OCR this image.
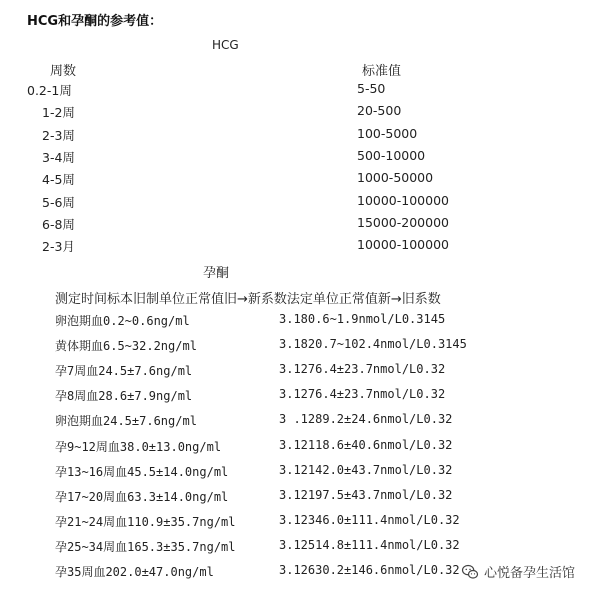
HCG和孕酮的参考值：
HCG
周数	标准值
0.2-1周	5-50
1-2周	20-500
2-3周	100-5000
3-4周	500-10000
4-5周	1000-50000
5-6周	10000-100000
6-8周	15000-200000
2-3月	10000-100000
孕酮
测定时间标本旧制单位正常值旧→新系数法定单位正常值新→旧系数
卵泡期血0.2~0.6ng/ml	3.180.6~1.9nmol/L0.3145
黄体期血6.5~32.2ng/ml	3.1820.7~102.4nmol/L0.3145
孕7周血24.5±7.6ng/ml	3.1276.4±23.7nmol/L0.32
孕8周血28.6±7.9ng/ml	3.1276.4±23.7nmol/L0.32
卵泡期血24.5±7.6ng/ml	3 .1289.2±24.6nmol/L0.32
孕9~12周血38.0±13.0ng/ml	3.12118.6±40.6nmol/L0.32
孕13~16周血45.5±14.0ng/ml	3.12142.0±43.7nmol/L0.32
孕17~20周血63.3±14.0ng/ml	3.12197.5±43.7nmol/L0.32
孕21~24周血110.9±35.7ng/ml	3.12346.0±111.4nmol/L0.32
孕25~34周血165.3±35.7ng/ml	3.12514.8±111.4nmol/L0.32
孕35周血202.0±47.0ng/ml	3.12630.2±146.6nmol/L0.32 心悦备孕生活馆
